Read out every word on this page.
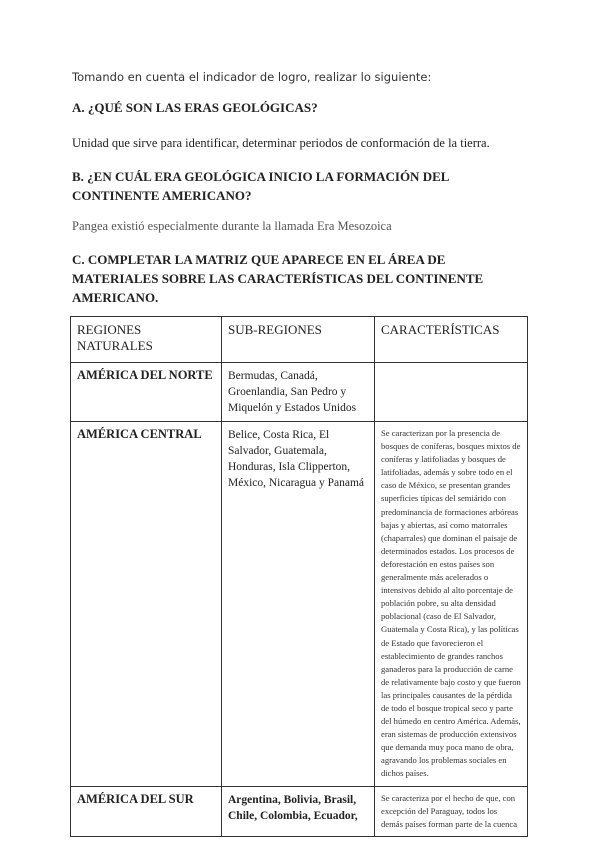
Tomando en cuenta el indicador de logro, realizar lo siguiente:
A. ¿QUÉ SON LAS ERAS GEOLÓGICAS?
Unidad que sirve para identificar, determinar periodos de conformación de la tierra.
B. ¿EN CUÁL ERA GEOLÓGICA INICIO LA FORMACIÓN DEL CONTINENTE AMERICANO?
Pangea existió especialmente durante la llamada Era Mesozoica
C. COMPLETAR LA MATRIZ QUE APARECE EN EL ÁREA DE MATERIALES SOBRE LAS CARACTERÍSTICAS DEL CONTINENTE AMERICANO.
REGIONES NATURALES	SUB-REGIONES	CARACTERÍSTICAS
AMÉRICA DEL NORTE	Bermudas, Canadá, Groenlandia, San Pedro y Miquelón y Estados Unidos	
AMÉRICA CENTRAL	Belice, Costa Rica, El Salvador, Guatemala, Honduras, Isla Clipperton, México, Nicaragua y Panamá	Se caracterizan por la presencia de bosques de coníferas, bosques mixtos de coníferas y latifoliadas y bosques de latifoliadas, además y sobre todo en el caso de México, se presentan grandes superficies típicas del semiárido con predominancia de formaciones arbóreas bajas y abiertas, así como matorrales (chaparrales) que dominan el paisaje de determinados estados. Los procesos de deforestación en estos países son generalmente más acelerados o intensivos debido al alto porcentaje de población pobre, su alta densidad poblacional (caso de El Salvador, Guatemala y Costa Rica), y las políticas de Estado que favorecieron el establecimiento de grandes ranchos ganaderos para la producción de carne de relativamente bajo costo y que fueron las principales causantes de la pérdida de todo el bosque tropical seco y parte del húmedo en centro América. Además, eran sistemas de producción extensivos que demanda muy poca mano de obra, agravando los problemas sociales en dichos países.
AMÉRICA DEL SUR	Argentina, Bolivia, Brasil, Chile, Colombia, Ecuador,	Se caracteriza por el hecho de que, con excepción del Paraguay, todos los demás países forman parte de la cuenca
